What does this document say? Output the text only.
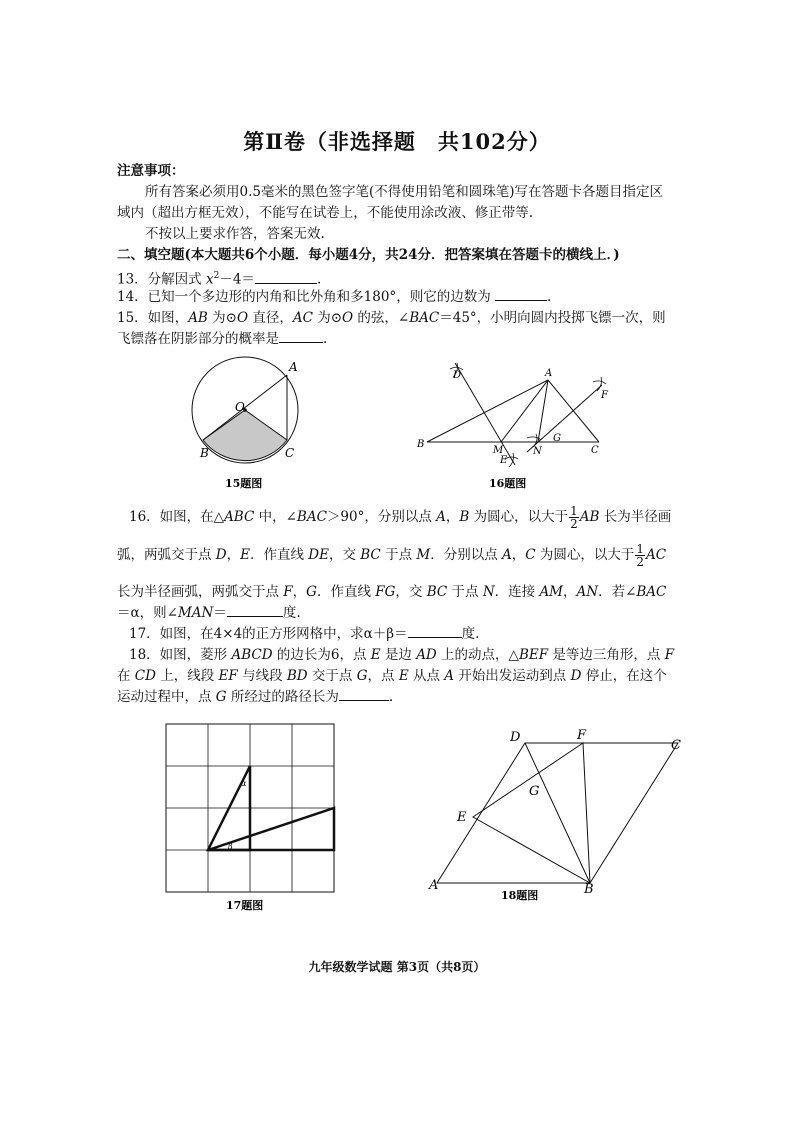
第Ⅱ卷（非选择题　共102分）
注意事项：
所有答案必须用0.5毫米的黑色签字笔(不得使用铅笔和圆珠笔)写在答题卡各题目指定区
域内（超出方框无效），不能写在试卷上，不能使用涂改液、修正带等.
不按以上要求作答，答案无效.
二、填空题(本大题共6个小题．每小题4分，共24分．把答案填在答题卡的横线上．)
13．分解因式 $x^2-4=$	.
14．已知一个多边形的内角和比外角和多180°，则它的边数为	.
15．如图，AB 为⊙O 直径，AC 为⊙O 的弦，∠BAC＝45°，小明向圆内投掷飞镖一次，则
飞镖落在阴影部分的概率是	.
A
O
B	C
15题图
D	A
F
B
M
E
N
G
C
16题图
16．如图，在△ABC 中，∠BAC＞90°，分别以点 A，B 为圆心，以大于 $\frac{1}{2}$ AB 长为半径画
弧，两弧交于点 D，E．作直线 DE，交 BC 于点 M．分别以点 A，C 为圆心，以大于 $\frac{1}{2}$ AC
长为半径画弧，两弧交于点 F，G．作直线 FG，交 BC 于点 N．连接 AM，AN．若∠BAC
＝α，则∠MAN＝	度.
17．如图，在4×4的正方形网格中，求α＋β＝	度.
18．如图，菱形 ABCD 的边长为6，点 E 是边 AD 上的动点，△BEF 是等边三角形，点 F
在 CD 上，线段 EF 与线段 BD 交于点 G，点 E 从点 A 开始出发运动到点 D 停止，在这个
运动过程中，点 G 所经过的路径长为	.
α
β
17题图
D	F
C
G
E
A	B
18题图
九年级数学试题 第3页（共8页）
